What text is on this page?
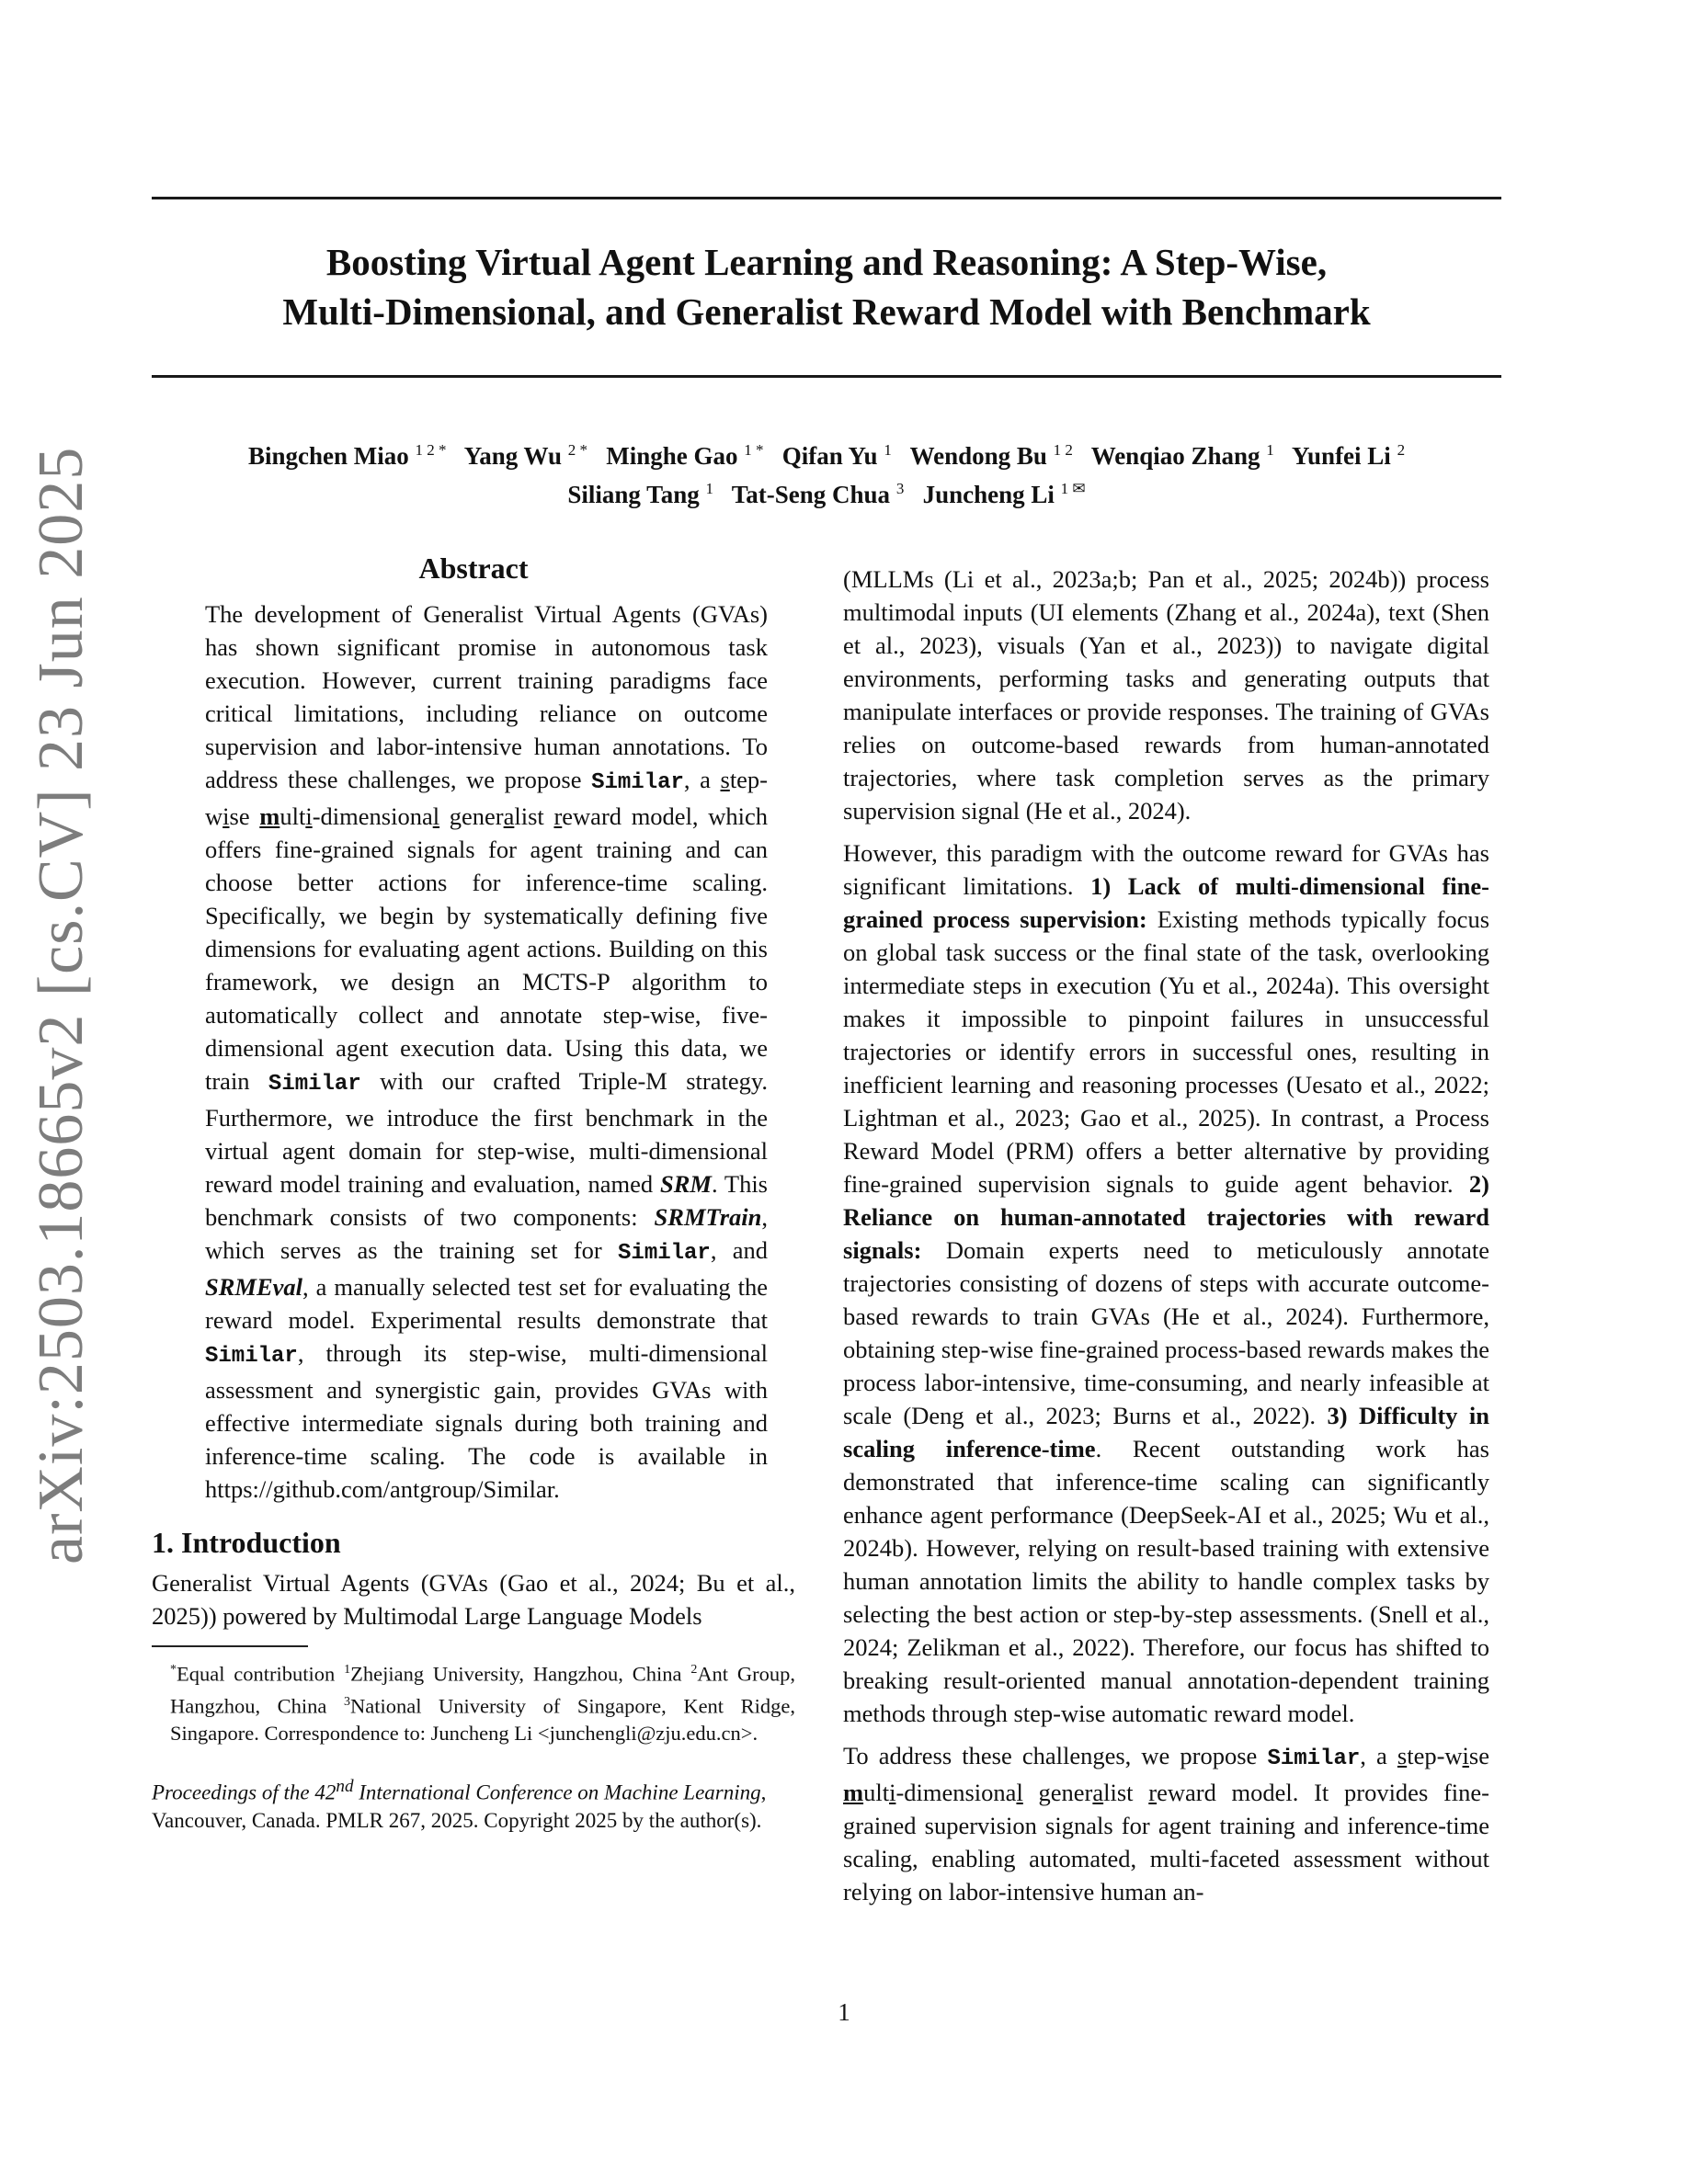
arXiv:2503.18665v2 [cs.CV] 23 Jun 2025
Boosting Virtual Agent Learning and Reasoning: A Step-Wise,
Multi-Dimensional, and Generalist Reward Model with Benchmark
Bingchen Miao $^{1 2 *}$ Yang Wu $^{2 *}$ Minghe Gao $^{1 *}$ Qifan Yu $^1$ Wendong Bu $^{1 2}$ Wenqiao Zhang $^1$ Yunfei Li $^2$
Siliang Tang $^1$ Tat-Seng Chua $^3$ Juncheng Li $^{1 ✉}$
Abstract

The development of Generalist Virtual Agents (GVAs) has shown significant promise in autonomous task execution. However, current training paradigms face critical limitations, including reliance on outcome supervision and labor-intensive human annotations. To address these challenges, we propose Similar, a step-wise multi-dimensional generalist reward model, which offers fine-grained signals for agent training and can choose better actions for inference-time scaling. Specifically, we begin by systematically defining five dimensions for evaluating agent actions. Building on this framework, we design an MCTS-P algorithm to automatically collect and annotate step-wise, five-dimensional agent execution data. Using this data, we train Similar with our crafted Triple-M strategy. Furthermore, we introduce the first benchmark in the virtual agent domain for step-wise, multi-dimensional reward model training and evaluation, named SRM. This benchmark consists of two components: SRMTrain, which serves as the training set for Similar, and SRMEval, a manually selected test set for evaluating the reward model. Experimental results demonstrate that Similar, through its step-wise, multi-dimensional assessment and synergistic gain, provides GVAs with effective intermediate signals during both training and inference-time scaling. The code is available in https://github.com/antgroup/Similar.

1. Introduction

Generalist Virtual Agents (GVAs (Gao et al., 2024; Bu et al., 2025)) powered by Multimodal Large Language Models

*Equal contribution $^1$Zhejiang University, Hangzhou, China $^2$Ant Group, Hangzhou, China $^3$National University of Singapore, Kent Ridge, Singapore. Correspondence to: Juncheng Li <junchengli@zju.edu.cn>.

Proceedings of the 42nd International Conference on Machine Learning, Vancouver, Canada. PMLR 267, 2025. Copyright 2025 by the author(s).

(MLLMs (Li et al., 2023a;b; Pan et al., 2025; 2024b)) process multimodal inputs (UI elements (Zhang et al., 2024a), text (Shen et al., 2023), visuals (Yan et al., 2023)) to navigate digital environments, performing tasks and generating outputs that manipulate interfaces or provide responses. The training of GVAs relies on outcome-based rewards from human-annotated trajectories, where task completion serves as the primary supervision signal (He et al., 2024).

However, this paradigm with the outcome reward for GVAs has significant limitations. 1) Lack of multi-dimensional fine-grained process supervision: Existing methods typically focus on global task success or the final state of the task, overlooking intermediate steps in execution (Yu et al., 2024a). This oversight makes it impossible to pinpoint failures in unsuccessful trajectories or identify errors in successful ones, resulting in inefficient learning and reasoning processes (Uesato et al., 2022; Lightman et al., 2023; Gao et al., 2025). In contrast, a Process Reward Model (PRM) offers a better alternative by providing fine-grained supervision signals to guide agent behavior. 2) Reliance on human-annotated trajectories with reward signals: Domain experts need to meticulously annotate trajectories consisting of dozens of steps with accurate outcome-based rewards to train GVAs (He et al., 2024). Furthermore, obtaining step-wise fine-grained process-based rewards makes the process labor-intensive, time-consuming, and nearly infeasible at scale (Deng et al., 2023; Burns et al., 2022). 3) Difficulty in scaling inference-time. Recent outstanding work has demonstrated that inference-time scaling can significantly enhance agent performance (DeepSeek-AI et al., 2025; Wu et al., 2024b). However, relying on result-based training with extensive human annotation limits the ability to handle complex tasks by selecting the best action or step-by-step assessments. (Snell et al., 2024; Zelikman et al., 2022). Therefore, our focus has shifted to breaking result-oriented manual annotation-dependent training methods through step-wise automatic reward model.

To address these challenges, we propose Similar, a step-wise multi-dimensional generalist reward model. It provides fine-grained supervision signals for agent training and inference-time scaling, enabling automated, multi-faceted assessment without relying on labor-intensive human an-

1
